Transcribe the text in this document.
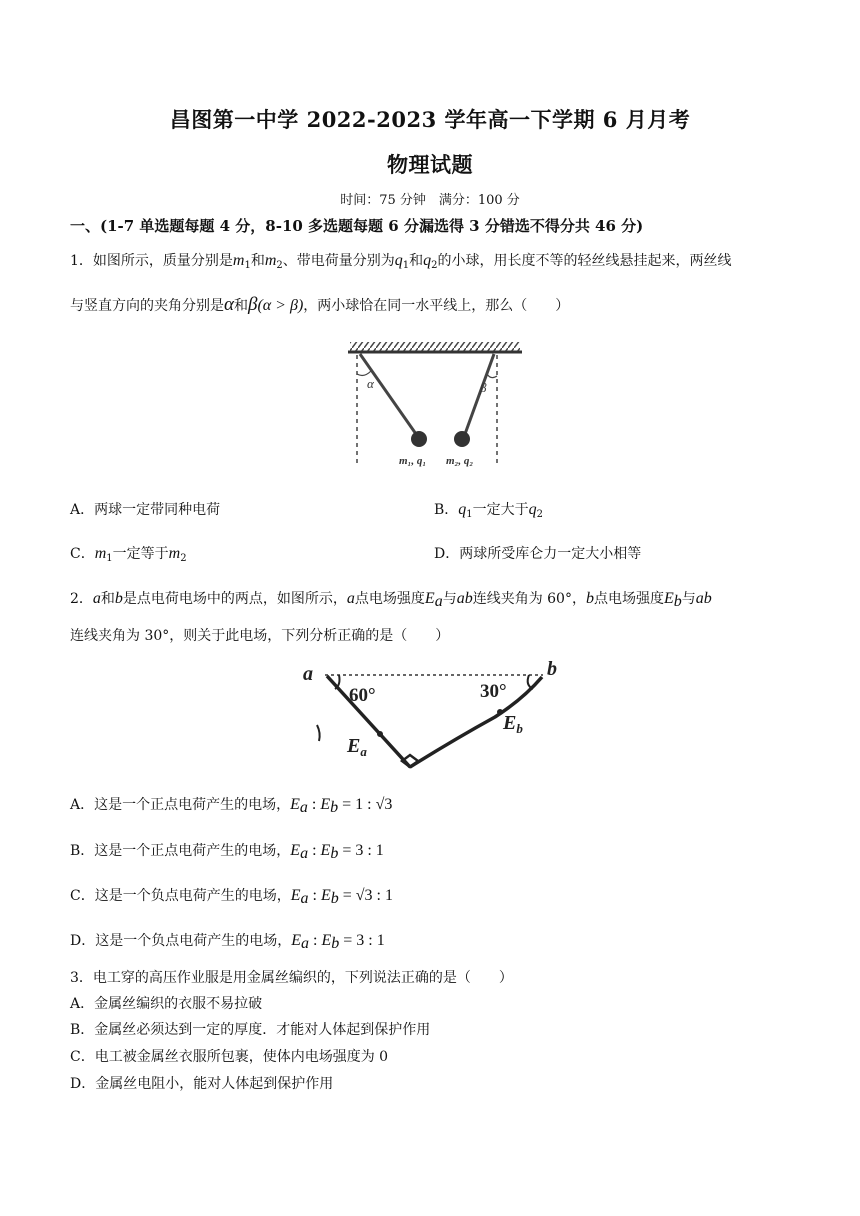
昌图第一中学 2022-2023 学年高一下学期 6 月月考
物理试题
时间：75 分钟　满分：100 分
一、(1-7 单选题每题 4 分，8-10 多选题每题 6 分漏选得 3 分错选不得分共 46 分)
1．如图所示，质量分别是$m_1$和$m_2$、带电荷量分别为$q_1$和$q_2$的小球，用长度不等的轻丝线悬挂起来，两丝线
与竖直方向的夹角分别是α和β(α > β)，两小球恰在同一水平线上，那么（　　）
α	β
m₁, q₁ m₂, q₂
A．两球一定带同种电荷	B．$q_1$一定大于$q_2$
C．$m_1$一定等于$m_2$	D．两球所受库仑力一定大小相等
2．a和b是点电荷电场中的两点，如图所示，a点电场强度$E_a$与ab连线夹角为 60°，b点电场强度$E_b$与ab
连线夹角为 30°，则关于此电场，下列分析正确的是（　　）
a	b
60°	30°
$E_a$
$E_b$
A．这是一个正点电荷产生的电场，$E_a$ : $E_b = 1$ : √3
B．这是一个正点电荷产生的电场，$E_a$ : $E_b = 3$ : 1
C．这是一个负点电荷产生的电场，$E_a$ : $E_b = √3$ : 1
D．这是一个负点电荷产生的电场，$E_a$ : $E_b = 3$ : 1
3．电工穿的高压作业服是用金属丝编织的，下列说法正确的是（　　）
A．金属丝编织的衣服不易拉破
B．金属丝必须达到一定的厚度．才能对人体起到保护作用
C．电工被金属丝衣服所包裹，使体内电场强度为 0
D．金属丝电阻小，能对人体起到保护作用
